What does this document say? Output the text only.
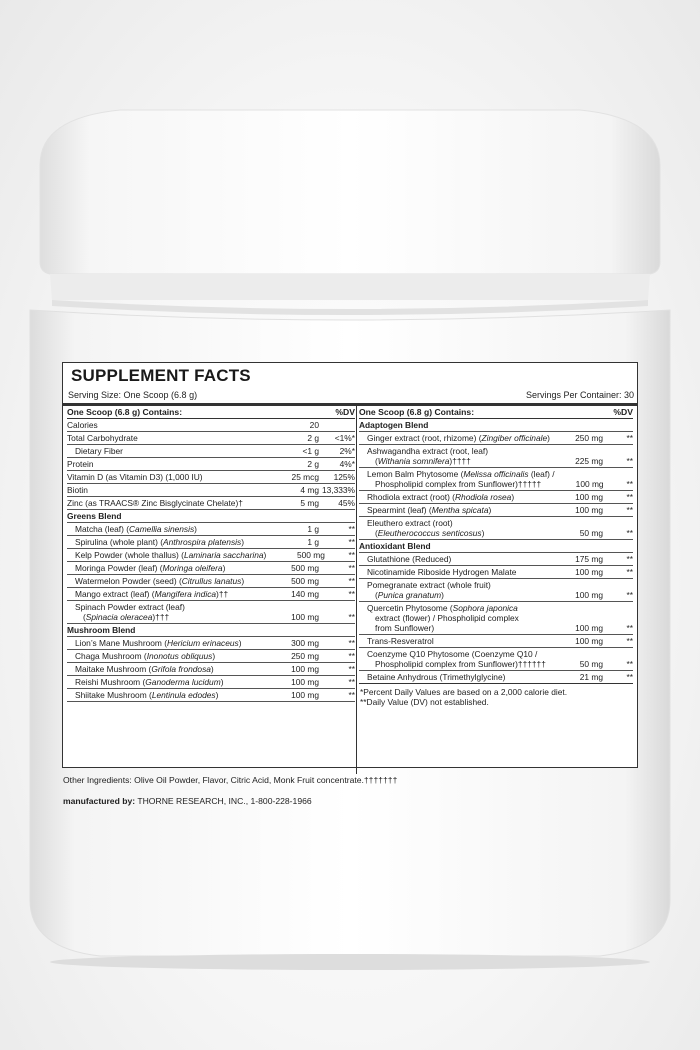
SUPPLEMENT FACTS
Serving Size: One Scoop (6.8 g)	Servings Per Container: 30
One Scoop (6.8 g) Contains:	%DV
Calories	20
Total Carbohydrate	2 g	<1%*
Dietary Fiber	<1 g	2%*
Protein	2 g	4%*
Vitamin D (as Vitamin D3) (1,000 IU)	25 mcg	125%
Biotin	4 mg 13,333%
Zinc (as TRAACS® Zinc Bisglycinate Chelate)†	5 mg	45%
Greens Blend
Matcha (leaf) (Camellia sinensis)	1 g	**
Spirulina (whole plant) (Anthrospira platensis)	1 g	**
Kelp Powder (whole thallus) (Laminaria saccharina)	500 mg	**
Moringa Powder (leaf) (Moringa oleifera)	500 mg	**
Watermelon Powder (seed) (Citrullus lanatus)	500 mg	**
Mango extract (leaf) (Mangifera indica)††	140 mg	**
Spinach Powder extract (leaf)
(Spinacia oleracea)†††	100 mg	**
Mushroom Blend
Lion’s Mane Mushroom (Hericium erinaceus)	300 mg	**
Chaga Mushroom (Inonotus obliquus)	250 mg	**
Maitake Mushroom (Grifola frondosa)	100 mg	**
Reishi Mushroom (Ganoderma lucidum)	100 mg	**
Shiitake Mushroom (Lentinula edodes)	100 mg	**
One Scoop (6.8 g) Contains:	%DV
Adaptogen Blend
Ginger extract (root, rhizome) (Zingiber officinale)	250 mg	**
Ashwagandha extract (root, leaf)
(Withania somnifera)††††	225 mg	**
Lemon Balm Phytosome (Melissa officinalis (leaf) /
Phospholipid complex from Sunflower)†††††	100 mg	**
Rhodiola extract (root) (Rhodiola rosea)	100 mg	**
Spearmint (leaf) (Mentha spicata)	100 mg	**
Eleuthero extract (root)
(Eleutherococcus senticosus)	50 mg	**
Antioxidant Blend
Glutathione (Reduced)	175 mg	**
Nicotinamide Riboside Hydrogen Malate	100 mg	**
Pomegranate extract (whole fruit)
(Punica granatum)	100 mg	**
Quercetin Phytosome (Sophora japonica
extract (flower) / Phospholipid complex
from Sunflower)	100 mg	**
Trans-Resveratrol	100 mg	**
Coenzyme Q10 Phytosome (Coenzyme Q10 /
Phospholipid complex from Sunflower)††††††	50 mg	**
Betaine Anhydrous (Trimethylglycine)	21 mg	**
*Percent Daily Values are based on a 2,000 calorie diet.
**Daily Value (DV) not established.
Other Ingredients: Olive Oil Powder, Flavor, Citric Acid, Monk Fruit concentrate.†††††††
manufactured by: THORNE RESEARCH, INC., 1-800-228-1966
